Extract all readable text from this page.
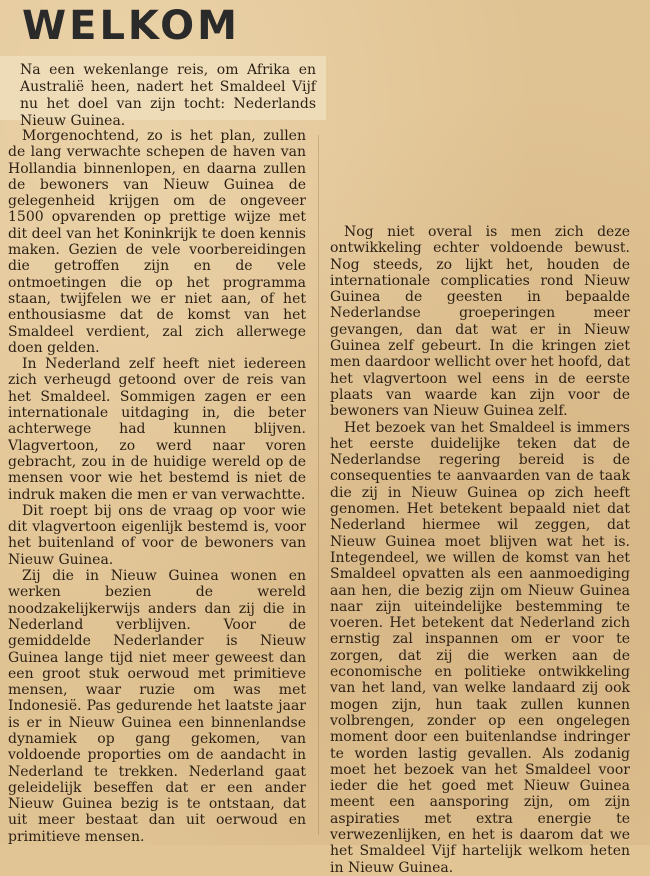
WELKOM

Na een wekenlange reis, om Afrika en Australië heen, nadert het Smaldeel Vijf nu het doel van zijn tocht: Nederlands Nieuw Guinea.

Morgenochtend, zo is het plan, zullen de lang verwachte schepen de haven van Hollandia binnenlopen, en daarna zullen de bewoners van Nieuw Guinea de gelegenheid krijgen om de ongeveer 1500 opvarenden op prettige wijze met dit deel van het Koninkrijk te doen kennis maken. Gezien de vele voorbereidingen die getroffen zijn en de vele ontmoetingen die op het programma staan, twijfelen we er niet aan, of het enthousiasme dat de komst van het Smaldeel verdient, zal zich allerwege doen gelden.

In Nederland zelf heeft niet iedereen zich verheugd getoond over de reis van het Smaldeel. Sommigen zagen er een internationale uitdaging in, die beter achterwege had kunnen blijven. Vlagvertoon, zo werd naar voren gebracht, zou in de huidige wereld op de mensen voor wie het bestemd is niet de indruk maken die men er van verwachtte.

Dit roept bij ons de vraag op voor wie dit vlagvertoon eigenlijk bestemd is, voor het buitenland of voor de bewoners van Nieuw Guinea.

Zij die in Nieuw Guinea wonen en werken bezien de wereld noodzakelijkerwijs anders dan zij die in Nederland verblijven. Voor de gemiddelde Nederlander is Nieuw Guinea lange tijd niet meer geweest dan een groot stuk oerwoud met primitieve mensen, waar ruzie om was met Indonesië. Pas gedurende het laatste jaar is er in Nieuw Guinea een binnenlandse dynamiek op gang gekomen, van voldoende proporties om de aandacht in Nederland te trekken. Nederland gaat geleidelijk beseffen dat er een ander Nieuw Guinea bezig is te ontstaan, dat uit meer bestaat dan uit oerwoud en primitieve mensen.

Nog niet overal is men zich deze ontwikkeling echter voldoende bewust. Nog steeds, zo lijkt het, houden de internationale complicaties rond Nieuw Guinea de geesten in bepaalde Nederlandse groeperingen meer gevangen, dan dat wat er in Nieuw Guinea zelf gebeurt. In die kringen ziet men daardoor wellicht over het hoofd, dat het vlagvertoon wel eens in de eerste plaats van waarde kan zijn voor de bewoners van Nieuw Guinea zelf.

Het bezoek van het Smaldeel is immers het eerste duidelijke teken dat de Nederlandse regering bereid is de consequenties te aanvaarden van de taak die zij in Nieuw Guinea op zich heeft genomen. Het betekent bepaald niet dat Nederland hiermee wil zeggen, dat Nieuw Guinea moet blijven wat het is. Integendeel, we willen de komst van het Smaldeel opvatten als een aanmoediging aan hen, die bezig zijn om Nieuw Guinea naar zijn uiteindelijke bestemming te voeren. Het betekent dat Nederland zich ernstig zal inspannen om er voor te zorgen, dat zij die werken aan de economische en politieke ontwikkeling van het land, van welke landaard zij ook mogen zijn, hun taak zullen kunnen volbrengen, zonder op een ongelegen moment door een buitenlandse indringer te worden lastig gevallen. Als zodanig moet het bezoek van het Smaldeel voor ieder die het goed met Nieuw Guinea meent een aansporing zijn, om zijn aspiraties met extra energie te verwezenlijken, en het is daarom dat we het Smaldeel Vijf hartelijk welkom heten in Nieuw Guinea.
